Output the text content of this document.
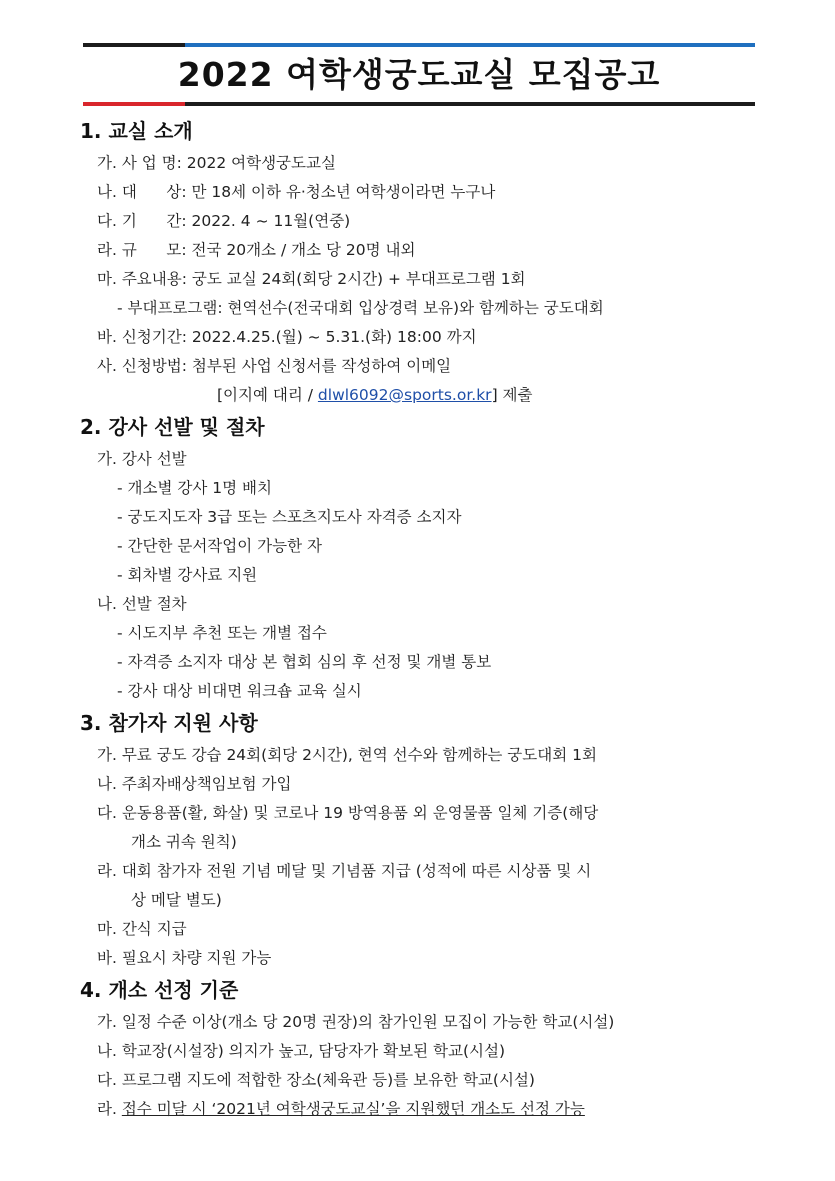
2022 여학생궁도교실 모집공고
1. 교실 소개
가. 사 업 명: 2022 여학생궁도교실
나. 대      상: 만 18세 이하 유‧청소년 여학생이라면 누구나
다. 기      간: 2022. 4 ~ 11월(연중)
라. 규      모: 전국 20개소 / 개소 당 20명 내외
마. 주요내용: 궁도 교실 24회(회당 2시간) + 부대프로그램 1회
- 부대프로그램: 현역선수(전국대회 입상경력 보유)와 함께하는 궁도대회
바. 신청기간: 2022.4.25.(월) ~ 5.31.(화) 18:00 까지
사. 신청방법: 첨부된 사업 신청서를 작성하여 이메일
[이지예 대리 / dlwl6092@sports.or.kr] 제출
2. 강사 선발 및 절차
가. 강사 선발
- 개소별 강사 1명 배치
- 궁도지도자 3급 또는 스포츠지도사 자격증 소지자
- 간단한 문서작업이 가능한 자
- 회차별 강사료 지원
나. 선발 절차
- 시도지부 추천 또는 개별 접수
- 자격증 소지자 대상 본 협회 심의 후 선정 및 개별 통보
- 강사 대상 비대면 워크숍 교육 실시
3. 참가자 지원 사항
가. 무료 궁도 강습 24회(회당 2시간), 현역 선수와 함께하는 궁도대회 1회
나. 주최자배상책임보험 가입
다. 운동용품(활, 화살) 및 코로나 19 방역용품 외 운영물품 일체 기증(해당
개소 귀속 원칙)
라. 대회 참가자 전원 기념 메달 및 기념품 지급 (성적에 따른 시상품 및 시
상 메달 별도)
마. 간식 지급
바. 필요시 차량 지원 가능
4. 개소 선정 기준
가. 일정 수준 이상(개소 당 20명 권장)의 참가인원 모집이 가능한 학교(시설)
나. 학교장(시설장) 의지가 높고, 담당자가 확보된 학교(시설)
다. 프로그램 지도에 적합한 장소(체육관 등)를 보유한 학교(시설)
라. 접수 미달 시 ‘2021년 여학생궁도교실’을 지원했던 개소도 선정 가능
